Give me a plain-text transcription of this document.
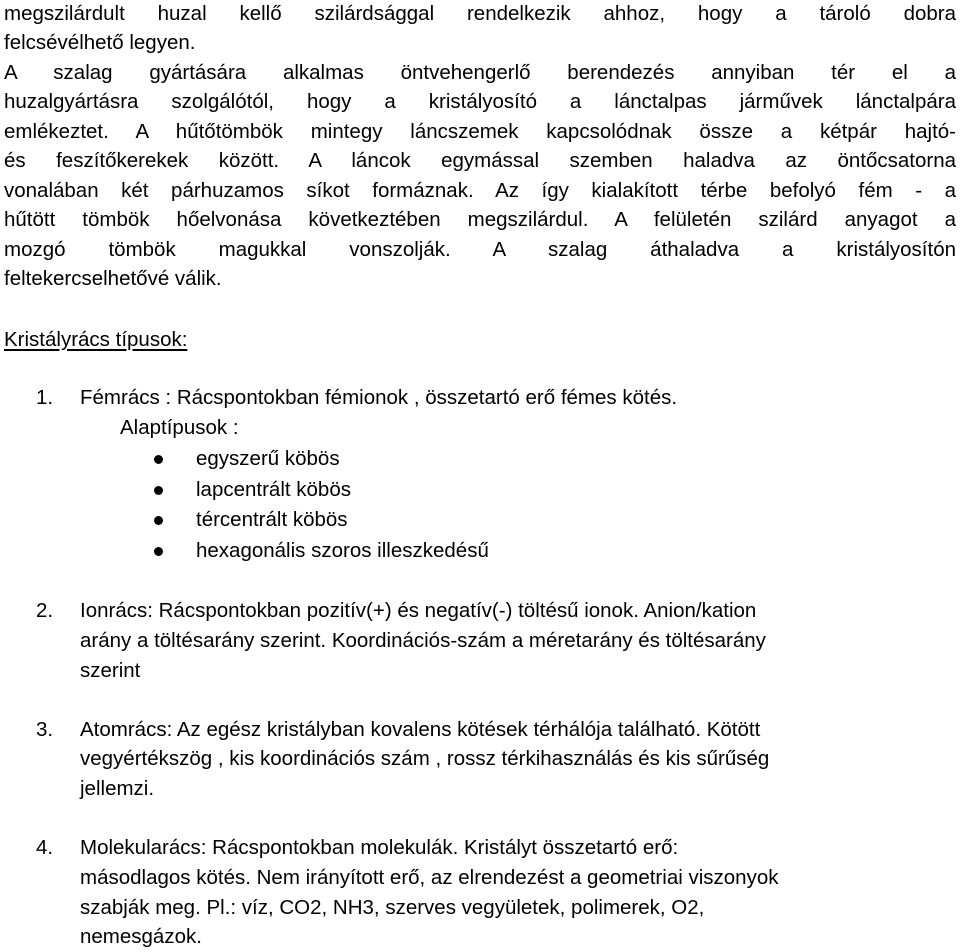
megszilárdult huzal kellő szilárdsággal rendelkezik ahhoz, hogy a tároló dobra
felcsévélhető legyen.
A szalag gyártására alkalmas öntvehengerlő berendezés annyiban tér el a
huzalgyártásra szolgálótól, hogy a kristályosító a lánctalpas járművek lánctalpára
emlékeztet. A hűtőtömbök mintegy láncszemek kapcsolódnak össze a kétpár hajtó-
és feszítőkerekek között. A láncok egymással szemben haladva az öntőcsatorna
vonalában két párhuzamos síkot formáznak. Az így kialakított térbe befolyó fém - a
hűtött tömbök hőelvonása következtében megszilárdul. A felületén szilárd anyagot a
mozgó tömbök magukkal vonszolják. A szalag áthaladva a kristályosítón
feltekercselhetővé válik.
Kristályrács típusok:
1. Fémrács : Rácspontokban fémionok , összetartó erő fémes kötés.
Alaptípusok :
egyszerű köbös
lapcentrált köbös
tércentrált köbös
hexagonális szoros illeszkedésű
2. Ionrács: Rácspontokban pozitív(+) és negatív(-) töltésű ionok. Anion/kation
arány a töltésarány szerint. Koordinációs-szám a méretarány és töltésarány
szerint
3. Atomrács: Az egész kristályban kovalens kötések térhálója található. Kötött
vegyértékszög , kis koordinációs szám , rossz térkihasználás és kis sűrűség
jellemzi.
4. Molekularács: Rácspontokban molekulák. Kristályt összetartó erő:
másodlagos kötés. Nem irányított erő, az elrendezést a geometriai viszonyok
szabják meg. Pl.: víz, CO2, NH3, szerves vegyületek, polimerek, O2,
nemesgázok.
